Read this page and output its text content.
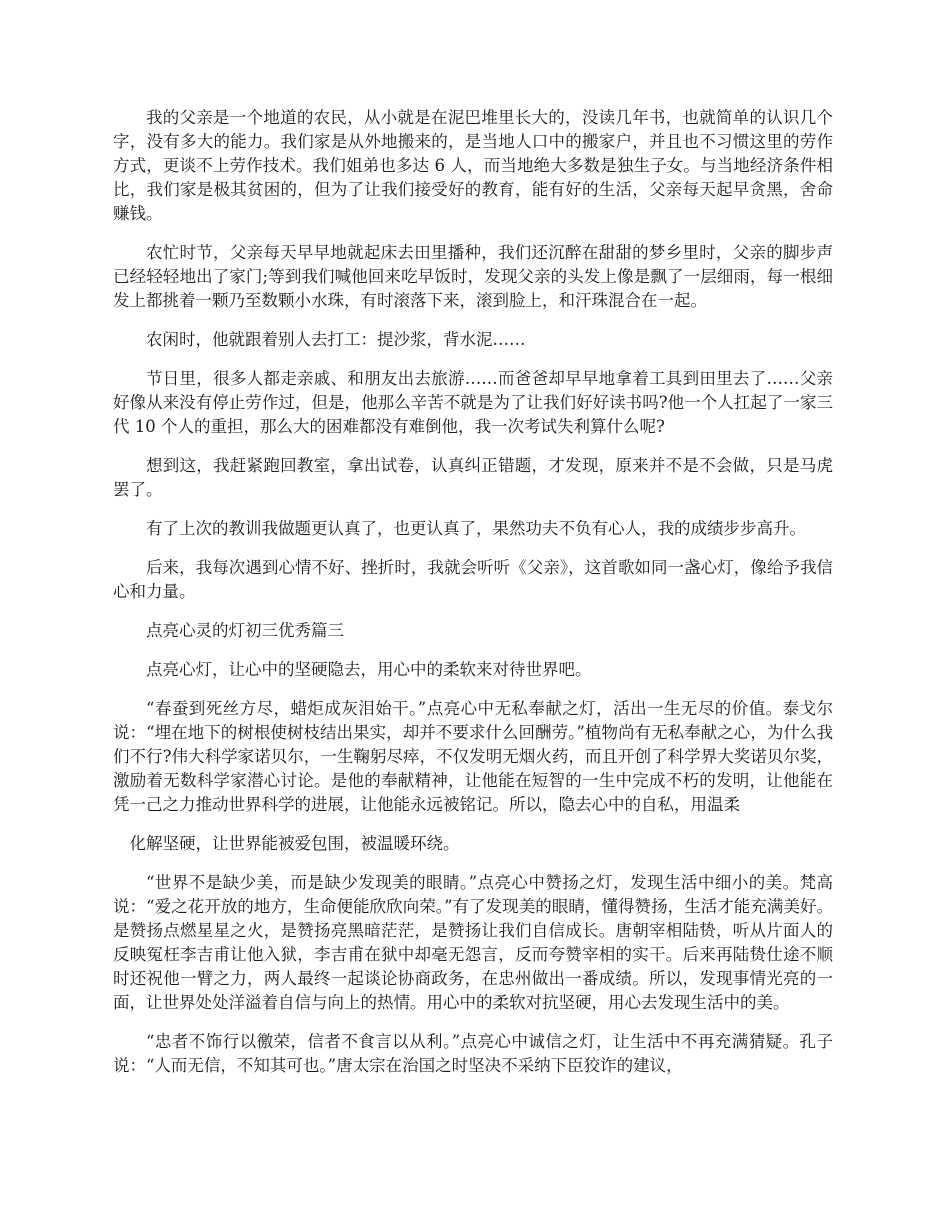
我的父亲是一个地道的农民，从小就是在泥巴堆里长大的，没读几年书，也就简单的认识几个字，没有多大的能力。我们家是从外地搬来的，是当地人口中的搬家户，并且也不习惯这里的劳作方式，更谈不上劳作技术。我们姐弟也多达 6 人，而当地绝大多数是独生子女。与当地经济条件相比，我们家是极其贫困的，但为了让我们接受好的教育，能有好的生活，父亲每天起早贪黑，舍命赚钱。

农忙时节，父亲每天早早地就起床去田里播种，我们还沉醉在甜甜的梦乡里时，父亲的脚步声已经轻轻地出了家门;等到我们喊他回来吃早饭时，发现父亲的头发上像是飘了一层细雨，每一根细发上都挑着一颗乃至数颗小水珠，有时滚落下来，滚到脸上，和汗珠混合在一起。

农闲时，他就跟着别人去打工：提沙浆，背水泥……

节日里，很多人都走亲戚、和朋友出去旅游……而爸爸却早早地拿着工具到田里去了……父亲好像从来没有停止劳作过，但是，他那么辛苦不就是为了让我们好好读书吗?他一个人扛起了一家三代 10 个人的重担，那么大的困难都没有难倒他，我一次考试失利算什么呢?

想到这，我赶紧跑回教室，拿出试卷，认真纠正错题，才发现，原来并不是不会做，只是马虎罢了。

有了上次的教训我做题更认真了，也更认真了，果然功夫不负有心人，我的成绩步步高升。

后来，我每次遇到心情不好、挫折时，我就会听听《父亲》，这首歌如同一盏心灯，像给予我信心和力量。

点亮心灵的灯初三优秀篇三

点亮心灯，让心中的坚硬隐去，用心中的柔软来对待世界吧。

“春蚕到死丝方尽，蜡炬成灰泪始干。”点亮心中无私奉献之灯，活出一生无尽的价值。泰戈尔说：“埋在地下的树根使树枝结出果实，却并不要求什么回酬劳。”植物尚有无私奉献之心，为什么我们不行?伟大科学家诺贝尔，一生鞠躬尽瘁，不仅发明无烟火药，而且开创了科学界大奖诺贝尔奖，激励着无数科学家潜心讨论。是他的奉献精神，让他能在短智的一生中完成不朽的发明，让他能在凭一己之力推动世界科学的进展，让他能永远被铭记。所以，隐去心中的自私，用温柔

化解坚硬，让世界能被爱包围，被温暖环绕。

“世界不是缺少美，而是缺少发现美的眼睛。”点亮心中赞扬之灯，发现生活中细小的美。梵高说：“爱之花开放的地方，生命便能欣欣向荣。”有了发现美的眼睛，懂得赞扬，生活才能充满美好。是赞扬点燃星星之火，是赞扬亮黑暗茫茫，是赞扬让我们自信成长。唐朝宰相陆贽，听从片面人的反映冤枉李吉甫让他入狱，李吉甫在狱中却毫无怨言，反而夸赞宰相的实干。后来再陆贽仕途不顺时还祝他一臂之力，两人最终一起谈论协商政务，在忠州做出一番成绩。所以，发现事情光亮的一面，让世界处处洋溢着自信与向上的热情。用心中的柔软对抗坚硬，用心去发现生活中的美。

“忠者不饰行以徼荣，信者不食言以从利。”点亮心中诚信之灯，让生活中不再充满猜疑。孔子说：“人而无信，不知其可也。”唐太宗在治国之时坚决不采纳下臣狡诈的建议，
